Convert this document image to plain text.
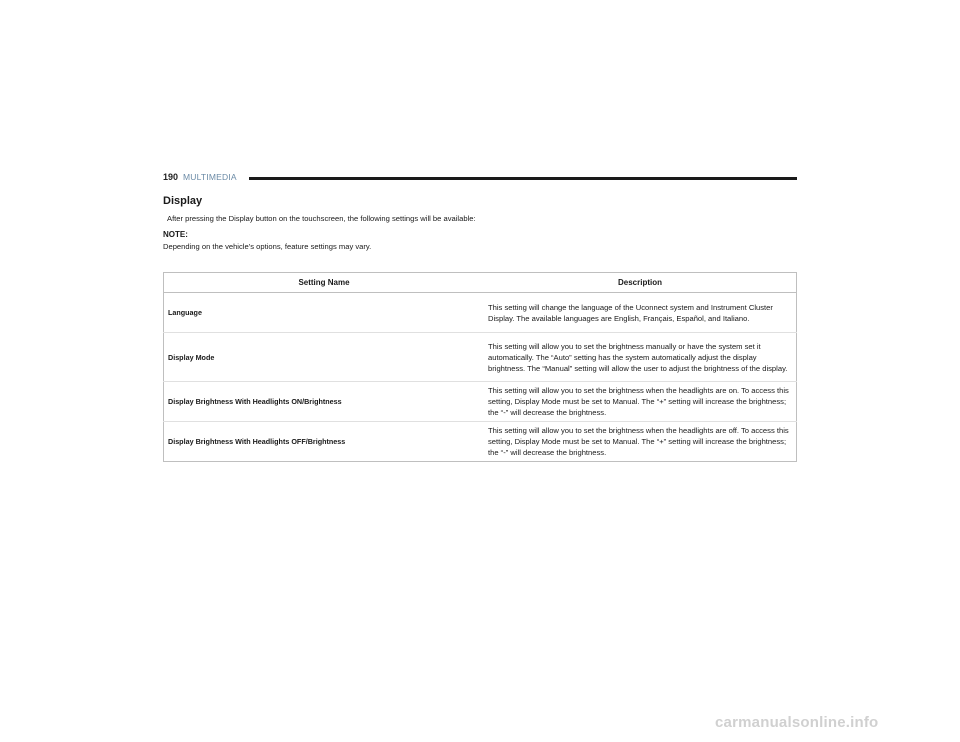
190 MULTIMEDIA
Display
After pressing the Display button on the touchscreen, the following settings will be available:
NOTE:
Depending on the vehicle’s options, feature settings may vary.
Setting Name	Description
Language	This setting will change the language of the Uconnect system and Instrument Cluster Display. The available languages are English, Français, Español, and Italiano.
Display Mode	This setting will allow you to set the brightness manually or have the system set it automatically. The “Auto” setting has the system automatically adjust the display brightness. The “Manual” setting will allow the user to adjust the brightness of the display.
Display Brightness With Headlights ON/Brightness	This setting will allow you to set the brightness when the headlights are on. To access this setting, Display Mode must be set to Manual. The “+” setting will increase the brightness; the “-” will decrease the brightness.
Display Brightness With Headlights OFF/Brightness	This setting will allow you to set the brightness when the headlights are off. To access this setting, Display Mode must be set to Manual. The “+” setting will increase the brightness; the “-” will decrease the brightness.
carmanualsonline.info
